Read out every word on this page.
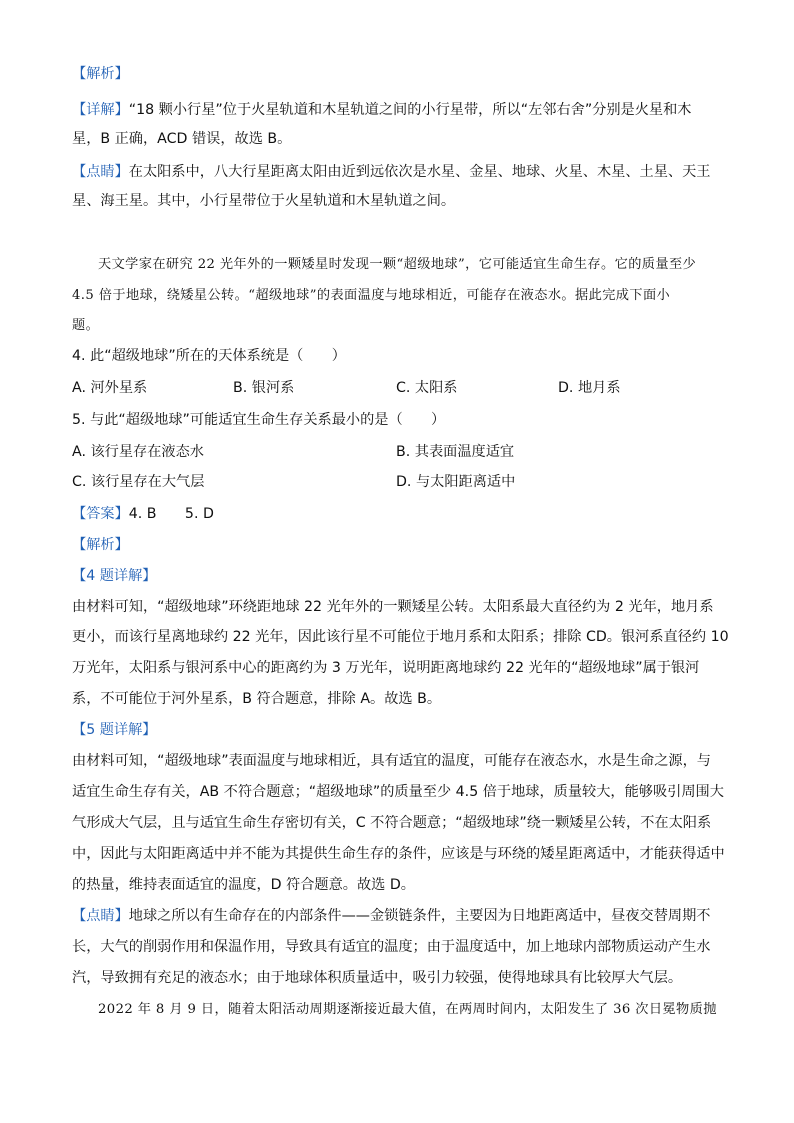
【解析】
【详解】“18 颗小行星”位于火星轨道和木星轨道之间的小行星带，所以“左邻右舍”分别是火星和木
星，B 正确，ACD 错误，故选 B。
【点睛】在太阳系中，八大行星距离太阳由近到远依次是水星、金星、地球、火星、木星、土星、天王
星、海王星。其中，小行星带位于火星轨道和木星轨道之间。
天文学家在研究 22 光年外的一颗矮星时发现一颗“超级地球”，它可能适宜生命生存。它的质量至少
4.5 倍于地球，绕矮星公转。“超级地球”的表面温度与地球相近，可能存在液态水。据此完成下面小
题。
4. 此“超级地球”所在的天体系统是（　　）
A. 河外星系	B. 银河系	C. 太阳系	D. 地月系
5. 与此“超级地球”可能适宜生命生存关系最小的是（　　）
A. 该行星存在液态水	B. 其表面温度适宜
C. 该行星存在大气层	D. 与太阳距离适中
【答案】4. B　　5. D
【解析】
【4 题详解】
由材料可知，“超级地球”环绕距地球 22 光年外的一颗矮星公转。太阳系最大直径约为 2 光年，地月系
更小，而该行星离地球约 22 光年，因此该行星不可能位于地月系和太阳系；排除 CD。银河系直径约 10
万光年，太阳系与银河系中心的距离约为 3 万光年，说明距离地球约 22 光年的“超级地球”属于银河
系，不可能位于河外星系，B 符合题意，排除 A。故选 B。
【5 题详解】
由材料可知，“超级地球”表面温度与地球相近，具有适宜的温度，可能存在液态水，水是生命之源，与
适宜生命生存有关，AB 不符合题意；“超级地球”的质量至少 4.5 倍于地球，质量较大，能够吸引周围大
气形成大气层，且与适宜生命生存密切有关，C 不符合题意；“超级地球”绕一颗矮星公转，不在太阳系
中，因此与太阳距离适中并不能为其提供生命生存的条件，应该是与环绕的矮星距离适中，才能获得适中
的热量，维持表面适宜的温度，D 符合题意。故选 D。
【点睛】地球之所以有生命存在的内部条件——金锁链条件，主要因为日地距离适中，昼夜交替周期不
长，大气的削弱作用和保温作用，导致具有适宜的温度；由于温度适中，加上地球内部物质运动产生水
汽，导致拥有充足的液态水；由于地球体积质量适中，吸引力较强，使得地球具有比较厚大气层。
2022 年 8 月 9 日，随着太阳活动周期逐渐接近最大值，在两周时间内，太阳发生了 36 次日冕物质抛
